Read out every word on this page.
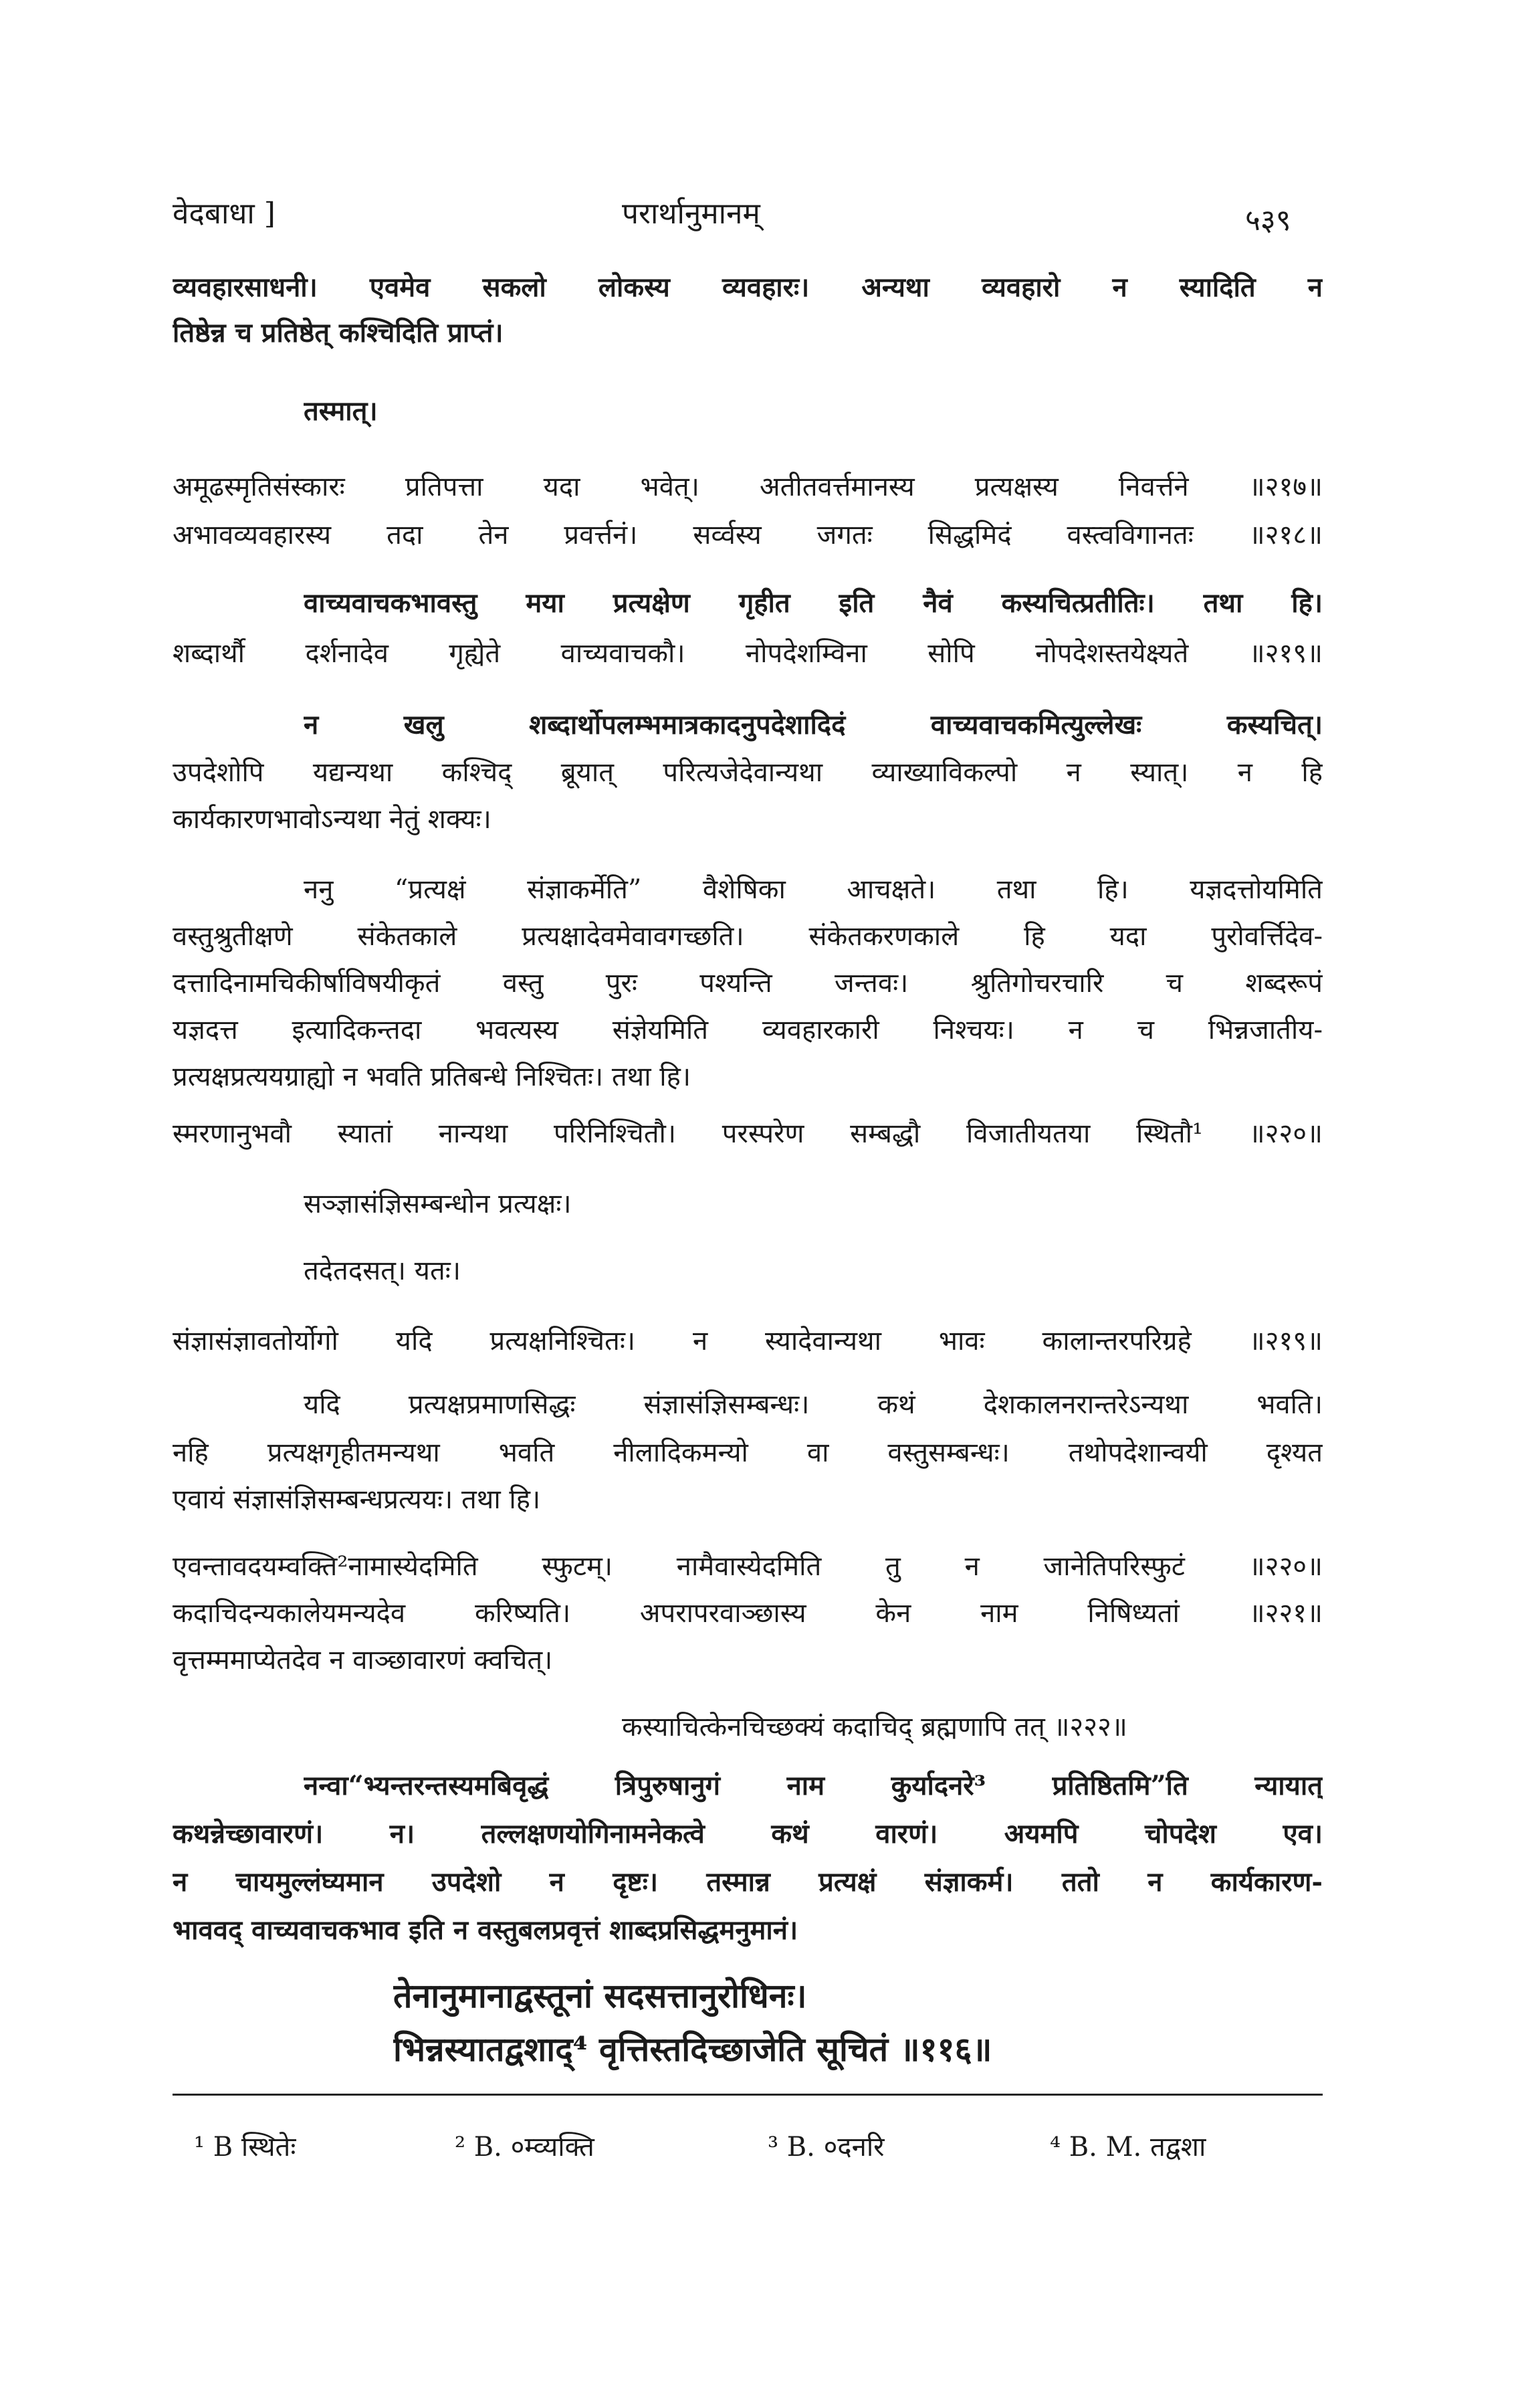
वेदबाधा ]	परार्थानुमानम्	५३९
व्यवहारसाधनी। एवमेव सकलो लोकस्य व्यवहारः। अन्यथा व्यवहारो न स्यादिति न
तिष्ठेन्न च प्रतिष्ठेत् कश्चिदिति प्राप्तं।
तस्मात्।
अमूढस्मृतिसंस्कारः प्रतिपत्ता यदा भवेत्। अतीतवर्त्तमानस्य प्रत्यक्षस्य निवर्त्तने ॥२१७॥
अभावव्यवहारस्य तदा तेन प्रवर्त्तनं। सर्व्वस्य जगतः सिद्धमिदं वस्त्वविगानतः ॥२१८॥
वाच्यवाचकभावस्तु मया प्रत्यक्षेण गृहीत इति नैवं कस्यचित्प्रतीतिः। तथा हि।
शब्दार्थौ दर्शनादेव गृह्येते वाच्यवाचकौ। नोपदेशम्विना सोपि नोपदेशस्तयेक्ष्यते ॥२१९॥
न खलु शब्दार्थोपलम्भमात्रकादनुपदेशादिदं वाच्यवाचकमित्युल्लेखः कस्यचित्।
उपदेशोपि यद्यन्यथा कश्चिद् ब्रूयात् परित्यजेदेवान्यथा व्याख्याविकल्पो न स्यात्। न हि
कार्यकारणभावोऽन्यथा नेतुं शक्यः।
ननु “प्रत्यक्षं संज्ञाकर्मेति” वैशेषिका आचक्षते। तथा हि। यज्ञदत्तोयमिति
वस्तुश्रुतीक्षणे संकेतकाले प्रत्यक्षादेवमेवावगच्छति। संकेतकरणकाले हि यदा पुरोवर्त्तिदेव-
दत्तादिनामचिकीर्षाविषयीकृतं वस्तु पुरः पश्यन्ति जन्तवः। श्रुतिगोचरचारि च शब्दरूपं
यज्ञदत्त इत्यादिकन्तदा भवत्यस्य संज्ञेयमिति व्यवहारकारी निश्चयः। न च भिन्नजातीय-
प्रत्यक्षप्रत्ययग्राह्यो न भवति प्रतिबन्धे निश्चितः। तथा हि।
स्मरणानुभवौ स्यातां नान्यथा परिनिश्चितौ। परस्परेण सम्बद्धौ विजातीयतया स्थितौ¹ ॥२२०॥
सञ्ज्ञासंज्ञिसम्बन्धोन प्रत्यक्षः।
तदेतदसत्। यतः।
संज्ञासंज्ञावतोर्योगो यदि प्रत्यक्षनिश्चितः। न स्यादेवान्यथा भावः कालान्तरपरिग्रहे ॥२१९॥
यदि प्रत्यक्षप्रमाणसिद्धः संज्ञासंज्ञिसम्बन्धः। कथं देशकालनरान्तरेऽन्यथा भवति।
नहि प्रत्यक्षगृहीतमन्यथा भवति नीलादिकमन्यो वा वस्तुसम्बन्धः। तथोपदेशान्वयी दृश्यत
एवायं संज्ञासंज्ञिसम्बन्धप्रत्ययः। तथा हि।
एवन्तावदयम्वक्ति²नामास्येदमिति स्फुटम्। नामैवास्येदमिति तु न जानेतिपरिस्फुटं ॥२२०॥
कदाचिदन्यकालेयमन्यदेव करिष्यति। अपरापरवाञ्छास्य केन नाम निषिध्यतां ॥२२१॥
वृत्तम्ममाप्येतदेव न वाञ्छावारणं क्वचित्।
कस्याचित्केनचिच्छक्यं कदाचिद् ब्रह्मणापि तत् ॥२२२॥
नन्वा“भ्यन्तरन्तस्यमबिवृद्धं त्रिपुरुषानुगं नाम कुर्यादनरे³ प्रतिष्ठितमि”ति न्यायात्
कथन्नेच्छावारणं। न। तल्लक्षणयोगिनामनेकत्वे कथं वारणं। अयमपि चोपदेश एव।
न चायमुल्लंघ्यमान उपदेशो न दृष्टः। तस्मान्न प्रत्यक्षं संज्ञाकर्म। ततो न कार्यकारण-
भाववद् वाच्यवाचकभाव इति न वस्तुबलप्रवृत्तं शाब्दप्रसिद्धमनुमानं।
तेनानुमानाद्वस्तूनां सदसत्तानुरोधिनः।
भिन्नस्यातद्वशाद्⁴ वृत्तिस्तदिच्छाजेति सूचितं ॥११६॥
¹ B स्थितेः	² B. ०म्व्यक्ति	³ B. ०दनरि	⁴ B. M. तद्वशा
